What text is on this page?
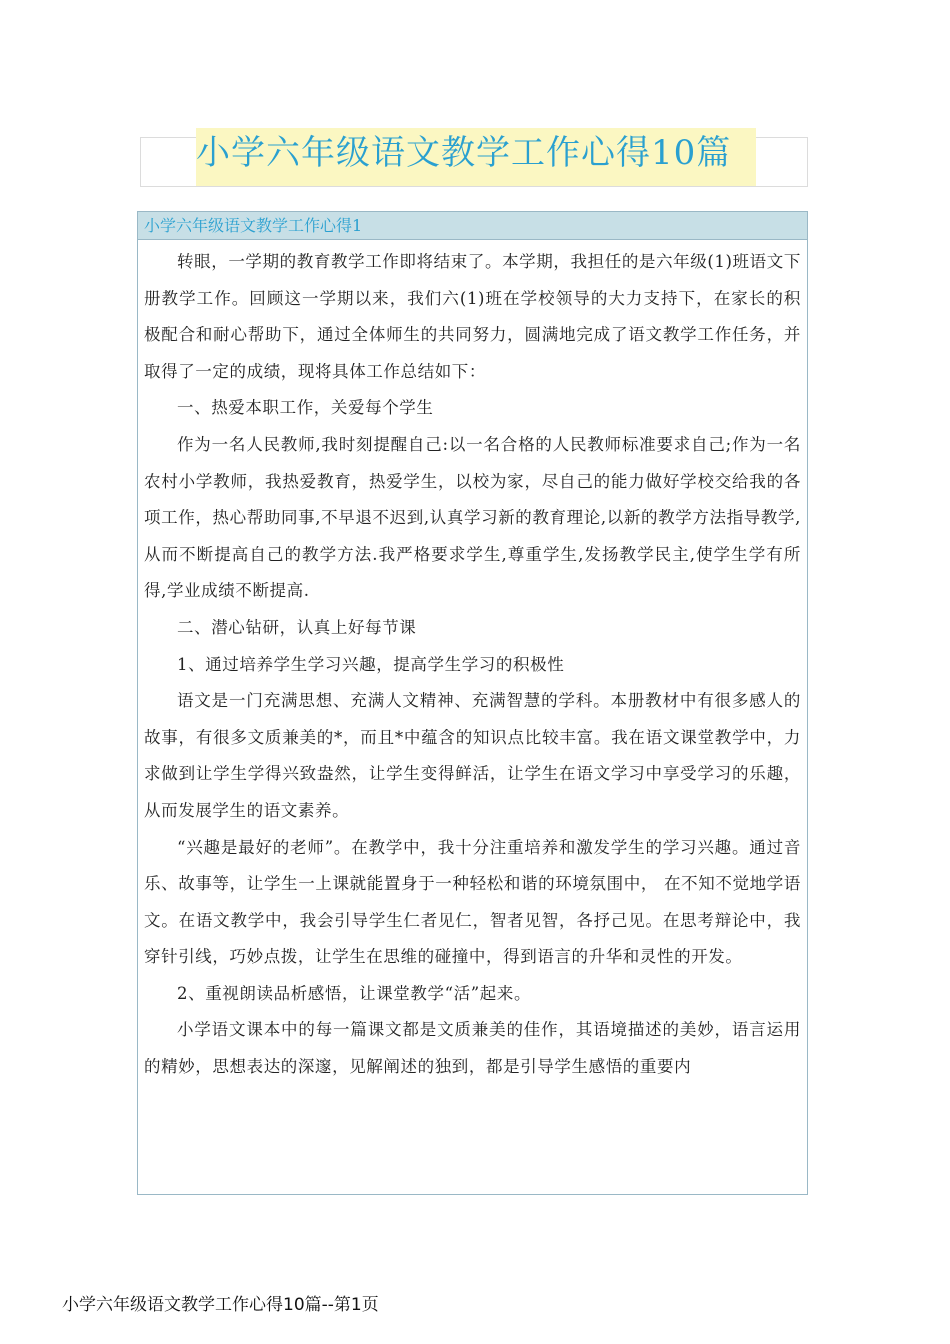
小学六年级语文教学工作心得10篇
小学六年级语文教学工作心得1

转眼，一学期的教育教学工作即将结束了。本学期，我担任的是六年级(1)班语文下册教学工作。回顾这一学期以来，我们六(1)班在学校领导的大力支持下，在家长的积极配合和耐心帮助下，通过全体师生的共同努力，圆满地完成了语文教学工作任务，并取得了一定的成绩，现将具体工作总结如下：

一、热爱本职工作，关爱每个学生

作为一名人民教师,我时刻提醒自己:以一名合格的人民教师标准要求自己;作为一名农村小学教师，我热爱教育，热爱学生，以校为家，尽自己的能力做好学校交给我的各项工作，热心帮助同事,不早退不迟到,认真学习新的教育理论,以新的教学方法指导教学,从而不断提高自己的教学方法.我严格要求学生,尊重学生,发扬教学民主,使学生学有所得,学业成绩不断提高.

二、潜心钻研，认真上好每节课

1、通过培养学生学习兴趣，提高学生学习的积极性

语文是一门充满思想、充满人文精神、充满智慧的学科。本册教材中有很多感人的故事，有很多文质兼美的*，而且*中蕴含的知识点比较丰富。我在语文课堂教学中，力求做到让学生学得兴致盎然，让学生变得鲜活，让学生在语文学习中享受学习的乐趣，从而发展学生的语文素养。

“兴趣是最好的老师”。在教学中，我十分注重培养和激发学生的学习兴趣。通过音乐、故事等，让学生一上课就能置身于一种轻松和谐的环境氛围中， 在不知不觉地学语文。在语文教学中，我会引导学生仁者见仁，智者见智，各抒己见。在思考辩论中，我穿针引线，巧妙点拨，让学生在思维的碰撞中，得到语言的升华和灵性的开发。

2、重视朗读品析感悟，让课堂教学“活”起来。

小学语文课本中的每一篇课文都是文质兼美的佳作，其语境描述的美妙，语言运用的精妙，思想表达的深邃，见解阐述的独到，都是引导学生感悟的重要内

小学六年级语文教学工作心得10篇--第1页
